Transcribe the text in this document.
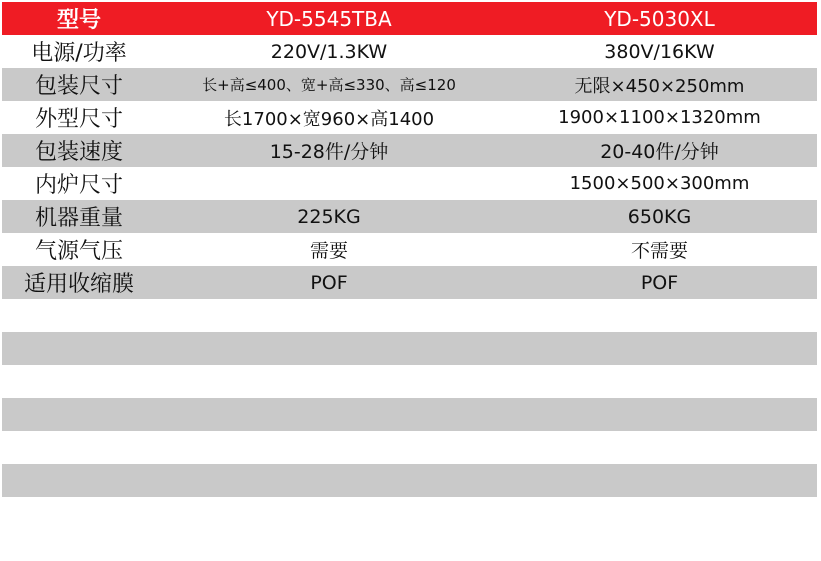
型号	YD-5545TBA	YD-5030XL
电源/功率	220V/1.3KW	380V/16KW
包装尺寸	长+高≤400、宽+高≤330、高≤120	无限×450×250mm
外型尺寸	长1700×宽960×高1400	1900×1100×1320mm
包装速度	15-28件/分钟	20-40件/分钟
内炉尺寸		1500×500×300mm
机器重量	225KG	650KG
气源气压	需要	不需要
适用收缩膜	POF	POF
